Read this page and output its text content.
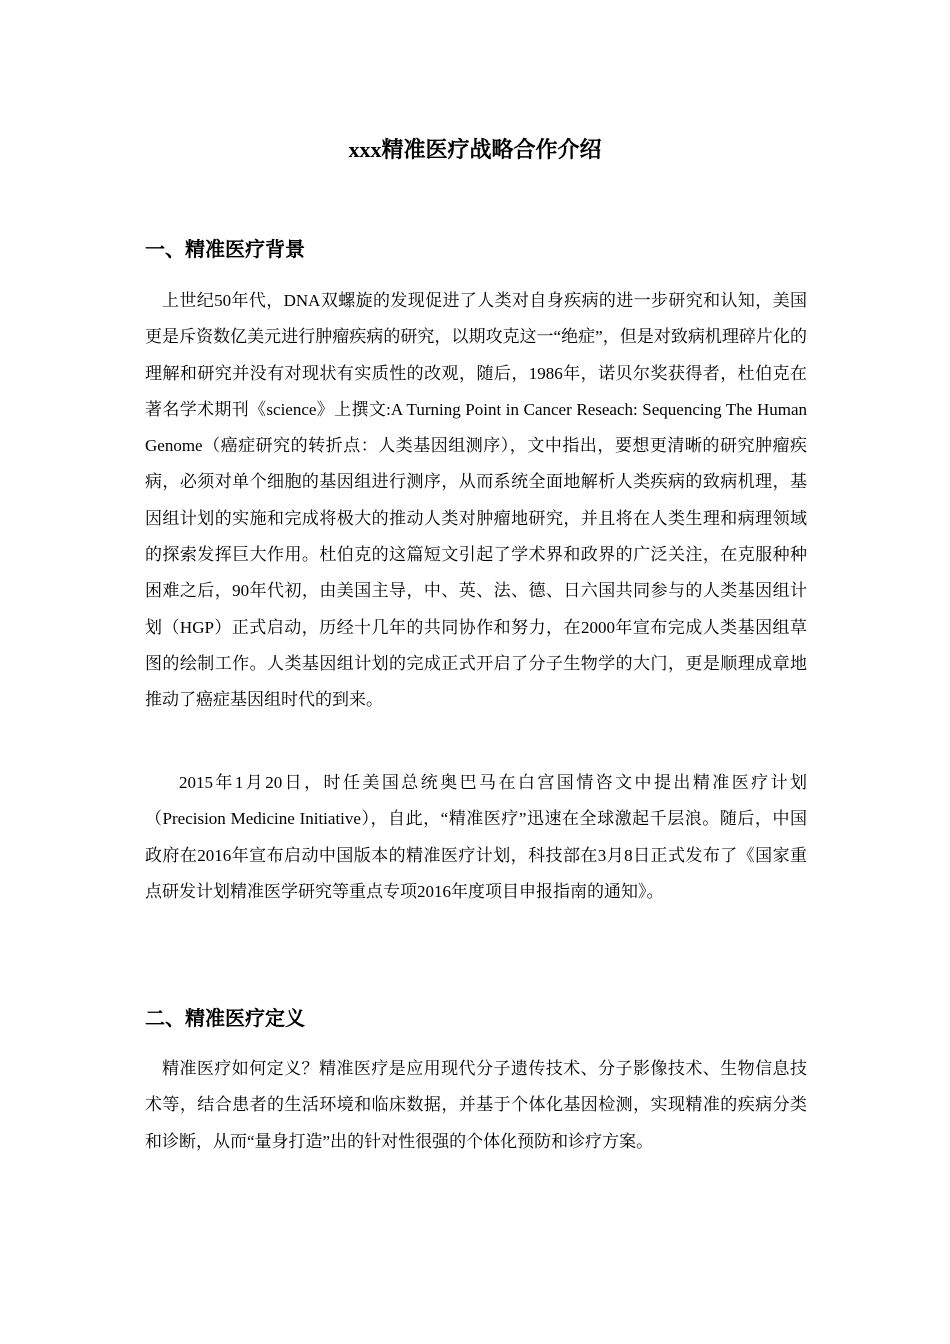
xxx精准医疗战略合作介绍
一、精准医疗背景

上世纪50年代，DNA双螺旋的发现促进了人类对自身疾病的进一步研究和认知，美国更是斥资数亿美元进行肿瘤疾病的研究，以期攻克这一“绝症”，但是对致病机理碎片化的理解和研究并没有对现状有实质性的改观，随后，1986年，诺贝尔奖获得者，杜伯克在著名学术期刊《science》上撰文:A Turning Point in Cancer Reseach: Sequencing The Human Genome（癌症研究的转折点：人类基因组测序），文中指出，要想更清晰的研究肿瘤疾病，必须对单个细胞的基因组进行测序，从而系统全面地解析人类疾病的致病机理，基因组计划的实施和完成将极大的推动人类对肿瘤地研究，并且将在人类生理和病理领域的探索发挥巨大作用。杜伯克的这篇短文引起了学术界和政界的广泛关注，在克服种种困难之后，90年代初，由美国主导，中、英、法、德、日六国共同参与的人类基因组计划（HGP）正式启动，历经十几年的共同协作和努力，在2000年宣布完成人类基因组草图的绘制工作。人类基因组计划的完成正式开启了分子生物学的大门，更是顺理成章地推动了癌症基因组时代的到来。

2015年1月20日，时任美国总统奥巴马在白宫国情咨文中提出精准医疗计划（Precision Medicine Initiative），自此，“精准医疗”迅速在全球激起千层浪。随后，中国政府在2016年宣布启动中国版本的精准医疗计划，科技部在3月8日正式发布了《国家重点研发计划精准医学研究等重点专项2016年度项目申报指南的通知》。

二、精准医疗定义

精准医疗如何定义？精准医疗是应用现代分子遗传技术、分子影像技术、生物信息技术等，结合患者的生活环境和临床数据，并基于个体化基因检测，实现精准的疾病分类和诊断，从而“量身打造”出的针对性很强的个体化预防和诊疗方案。
